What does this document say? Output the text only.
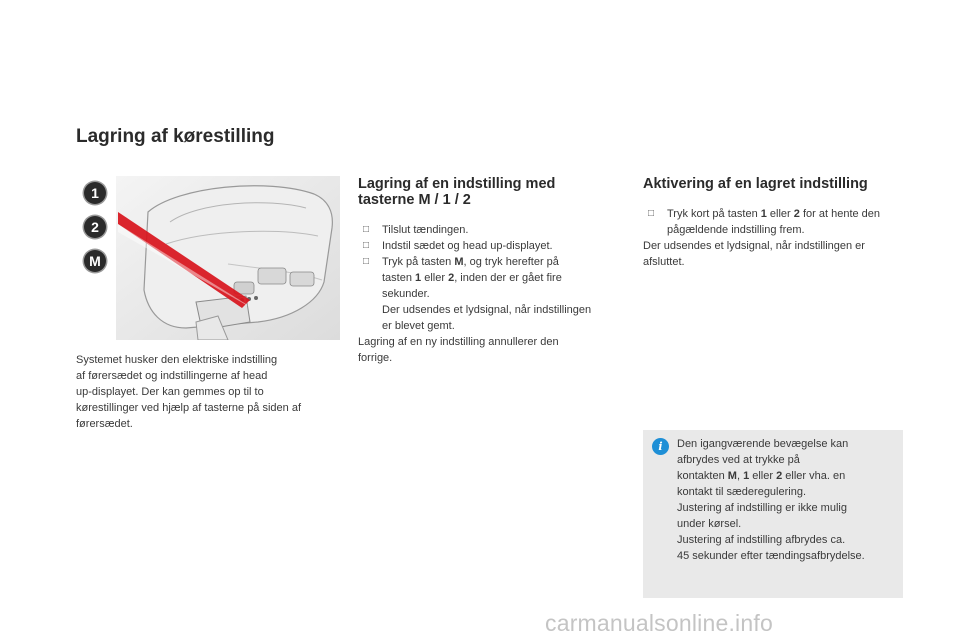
Lagring af kørestilling
1
2
M
Systemet husker den elektriske indstilling
af førersædet og indstillingerne af head
up-displayet. Der kan gemmes op til to
kørestillinger ved hjælp af tasterne på siden af
førersædet.
Lagring af en indstilling med
tasterne M / 1 / 2
□ Tilslut tændingen.
□ Indstil sædet og head up-displayet.
□ Tryk på tasten M, og tryk herefter på
tasten 1 eller 2, inden der er gået fire
sekunder.
Der udsendes et lydsignal, når indstillingen
er blevet gemt.
Lagring af en ny indstilling annullerer den
forrige.
Aktivering af en lagret indstilling
□ Tryk kort på tasten 1 eller 2 for at hente den
pågældende indstilling frem.
Der udsendes et lydsignal, når indstillingen er
afsluttet.
i	Den igangværende bevægelse kan
afbrydes ved at trykke på
kontakten M, 1 eller 2 eller vha. en
kontakt til sæderegulering.
Justering af indstilling er ikke mulig
under kørsel.
Justering af indstilling afbrydes ca.
45 sekunder efter tændingsafbrydelse.
carmanualsonline.info
